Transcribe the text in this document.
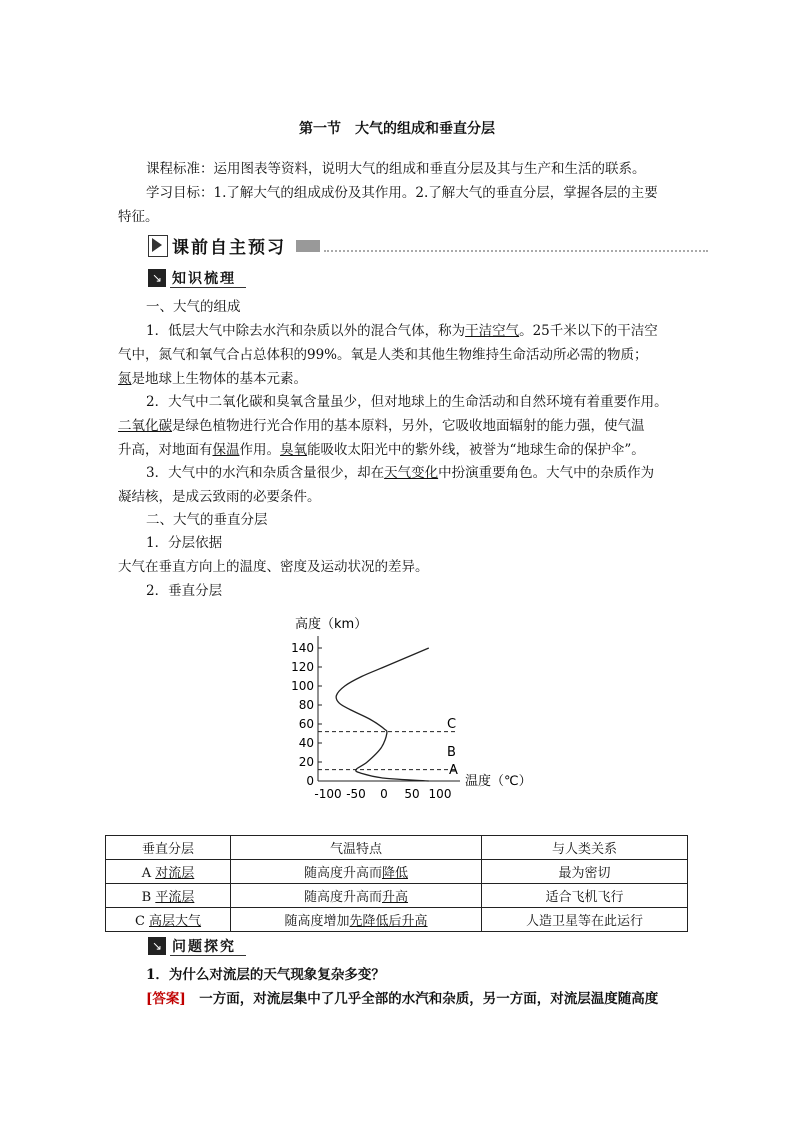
第一节　大气的组成和垂直分层
课程标准：运用图表等资料，说明大气的组成和垂直分层及其与生产和生活的联系。
学习目标：1.了解大气的组成成份及其作用。2.了解大气的垂直分层，掌握各层的主要
特征。
课前自主预习
↘ 知识梳理
一、大气的组成
1．低层大气中除去水汽和杂质以外的混合气体，称为干洁空气。25千米以下的干洁空
气中，氮气和氧气合占总体积的99%。氧是人类和其他生物维持生命活动所必需的物质；
氮是地球上生物体的基本元素。
2．大气中二氧化碳和臭氧含量虽少，但对地球上的生命活动和自然环境有着重要作用。
二氧化碳是绿色植物进行光合作用的基本原料，另外，它吸收地面辐射的能力强，使气温
升高，对地面有保温作用。臭氧能吸收太阳光中的紫外线，被誉为“地球生命的保护伞”。
3．大气中的水汽和杂质含量很少，却在天气变化中扮演重要角色。大气中的杂质作为
凝结核，是成云致雨的必要条件。
二、大气的垂直分层
1．分层依据
大气在垂直方向上的温度、密度及运动状况的差异。
2．垂直分层
高度（km）
温度（℃）
0
20
40
60
80
100
120
140
-100 -50 0 50 100
A
B
C
垂直分层	气温特点	与人类关系
A 对流层	随高度升高而降低	最为密切
B 平流层	随高度升高而升高	适合飞机飞行
C 高层大气	随高度增加先降低后升高	人造卫星等在此运行
↘ 问题探究
1．为什么对流层的天气现象复杂多变？
[答案]　一方面，对流层集中了几乎全部的水汽和杂质，另一方面，对流层温度随高度
